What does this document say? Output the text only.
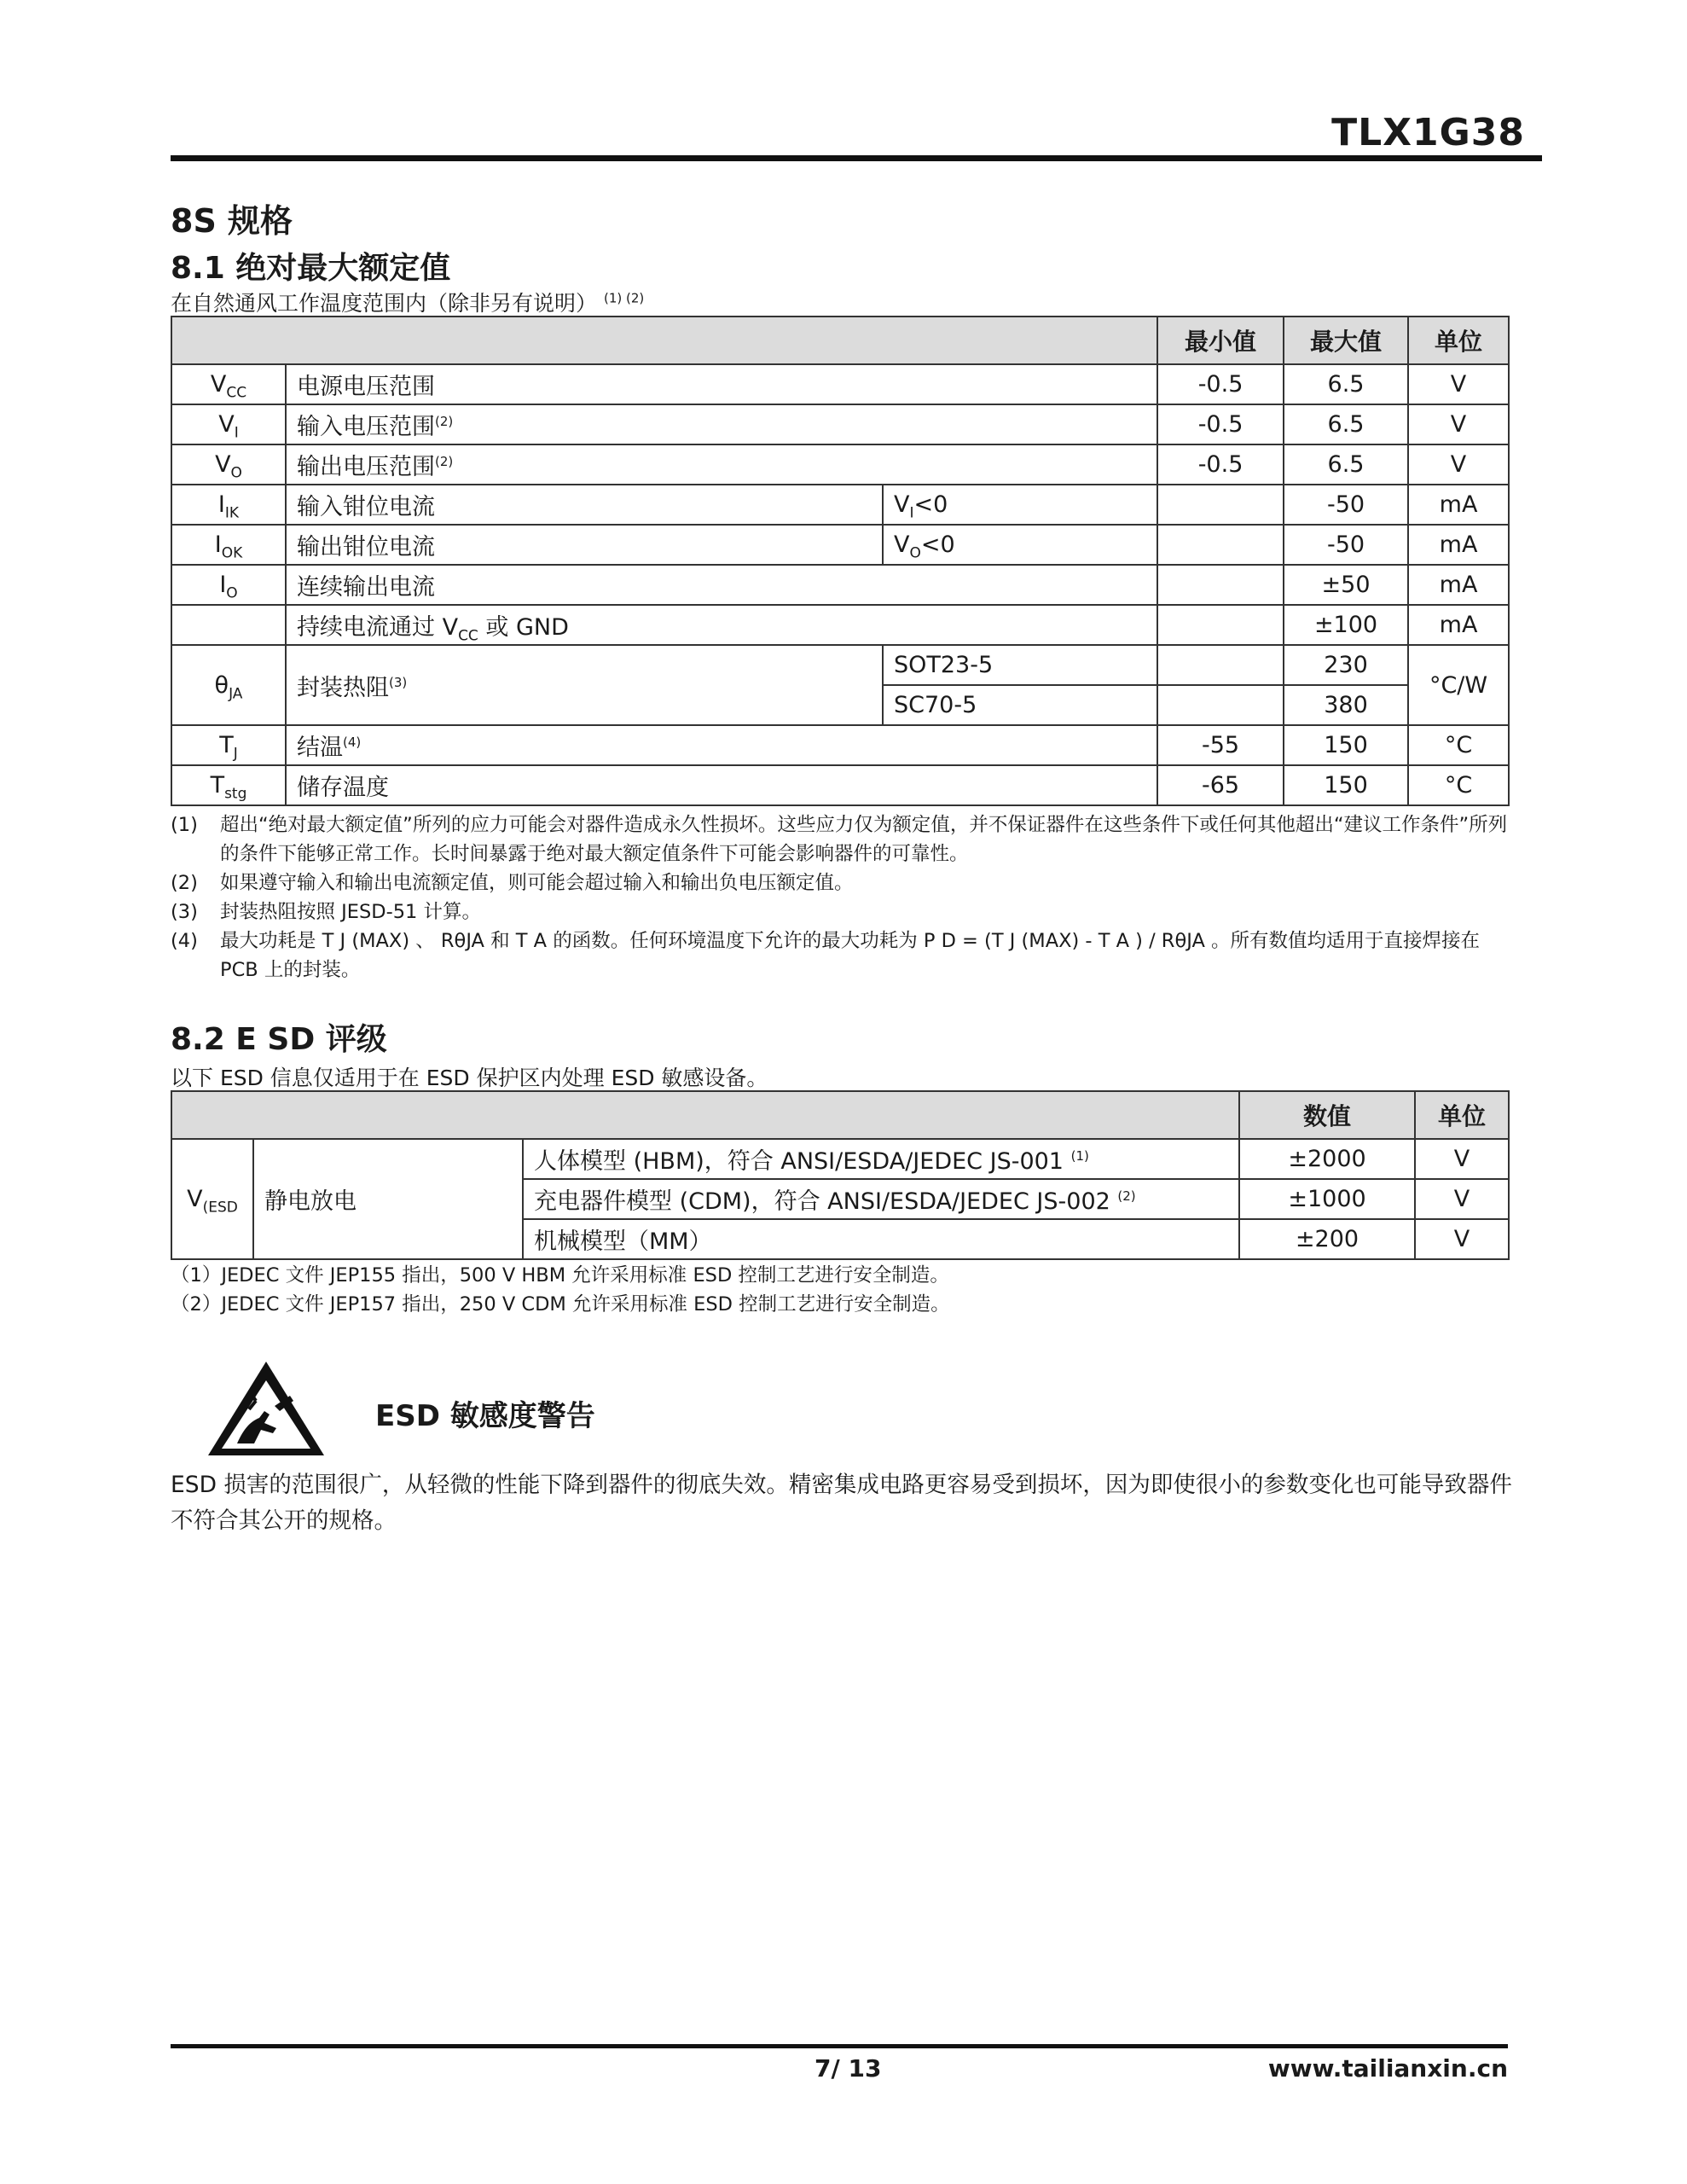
TLX1G38
8S 规格
8.1 绝对最大额定值
在自然通风工作温度范围内（除非另有说明） $^{(1) (2)}$
			最小值	最大值	单位
$V_{CC}$	电源电压范围		-0.5	6.5	V
$V_I$	输入电压范围$^{(2)}$		-0.5	6.5	V
$V_O$	输出电压范围$^{(2)}$		-0.5	6.5	V
$I_{IK}$	输入钳位电流	$V_I<0$		-50	mA
$I_{OK}$	输出钳位电流	$V_O<0$		-50	mA
$I_O$	连续输出电流			±50	mA
	持续电流通过 $V_{CC}$ 或 GND			±100	mA
$\theta_{JA}$	封装热阻$^{(3)}$	SOT23-5		230	°C/W
		SC70-5		380	
$T_J$	结温$^{(4)}$		-55	150	°C
$T_{stg}$	储存温度		-65	150	°C
(1)	超出“绝对最大额定值”所列的应力可能会对器件造成永久性损坏。这些应力仅为额定值，并不保证器件在这些条件下或任何其他超出“建议工作条件”所列的条件下能够正常工作。长时间暴露于绝对最大额定值条件下可能会影响器件的可靠性。
(2)	如果遵守输入和输出电流额定值，则可能会超过输入和输出负电压额定值。
(3)	封装热阻按照 JESD-51 计算。
(4)	最大功耗是 T J (MAX) 、 RθJA 和 T A 的函数。任何环境温度下允许的最大功耗为 P D = (T J (MAX) - T A ) / RθJA 。所有数值均适用于直接焊接在 PCB 上的封装。
8.2 E SD 评级
以下 ESD 信息仅适用于在 ESD 保护区内处理 ESD 敏感设备。
			数值	单位
$V_{(ESD}$	静电放电	人体模型 (HBM)，符合 ANSI/ESDA/JEDEC JS-001 $^{(1)}$	±2000	V
		充电器件模型 (CDM)，符合 ANSI/ESDA/JEDEC JS-002 $^{(2)}$	±1000	V
		机械模型（MM）	±200	V
（1）JEDEC 文件 JEP155 指出，500 V HBM 允许采用标准 ESD 控制工艺进行安全制造。
（2）JEDEC 文件 JEP157 指出，250 V CDM 允许采用标准 ESD 控制工艺进行安全制造。
ESD 敏感度警告
ESD 损害的范围很广，从轻微的性能下降到器件的彻底失效。精密集成电路更容易受到损坏，因为即使很小的参数变化也可能导致器件不符合其公开的规格。
7/ 13	www.tailianxin.cn
